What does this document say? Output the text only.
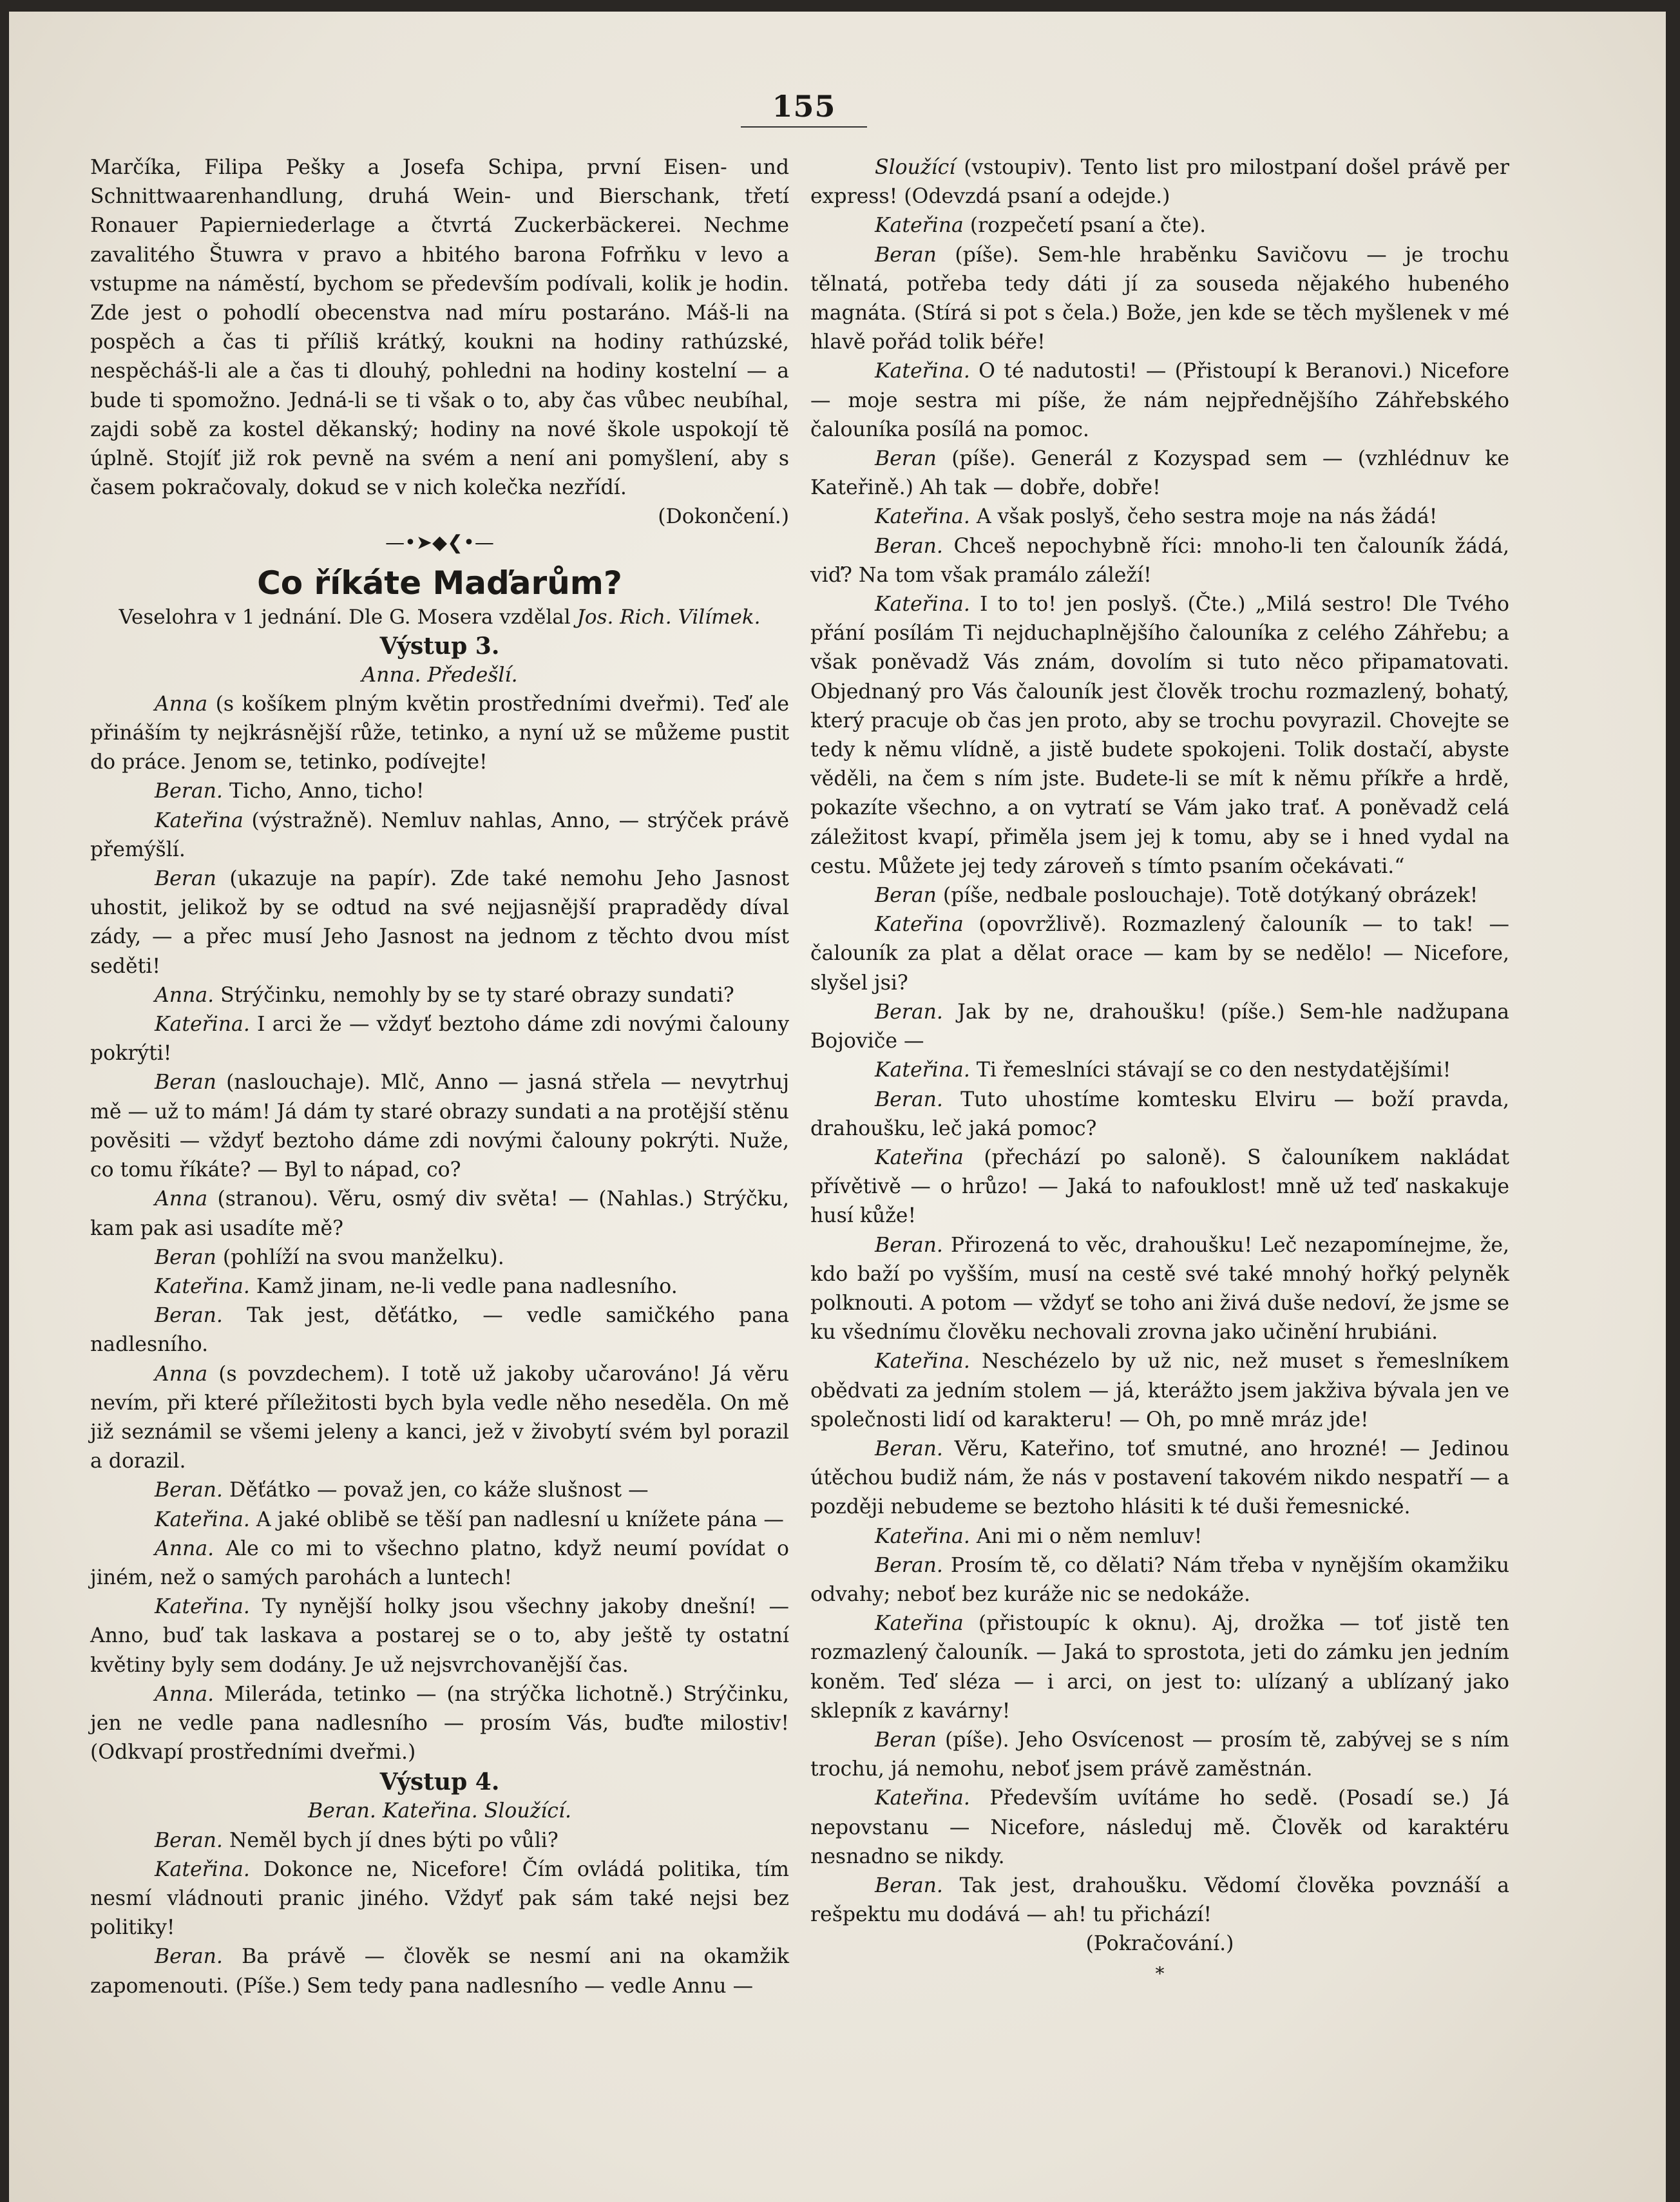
155

Marčíka, Filipa Pešky a Josefa Schipa, první Eisen- und Schnittwaarenhandlung, druhá Wein- und Bierschank, třetí Ronauer Papierniederlage a čtvrtá Zuckerbäckerei. Nechme zavalitého Štuwra v pravo a hbitého barona Fofrňku v levo a vstupme na náměstí, bychom se především podívali, kolik je hodin. Zde jest o pohodlí obecenstva nad míru postaráno. Máš-li na pospěch a čas ti příliš krátký, koukni na hodiny rathúzské, nespěcháš-li ale a čas ti dlouhý, pohledni na hodiny kostelní — a bude ti spomožno. Jedná-li se ti však o to, aby čas vůbec neubíhal, zajdi sobě za kostel děkanský; hodiny na nové škole uspokojí tě úplně. Stojíť již rok pevně na svém a není ani pomyšlení, aby s časem pokračovaly, dokud se v nich kolečka nezřídí.

(Dokončení.)

—•➤◆❮•—
Co říkáte Maďarům?
Veselohra v 1 jednání. Dle G. Mosera vzdělal Jos. Rich. Vilímek.
Výstup 3.
Anna. Předešlí.

Anna (s košíkem plným květin prostředními dveřmi). Teď ale přináším ty nejkrásnější růže, tetinko, a nyní už se můžeme pustit do práce. Jenom se, tetinko, podívejte!

Beran. Ticho, Anno, ticho!

Kateřina (výstražně). Nemluv nahlas, Anno, — strýček právě přemýšlí.

Beran (ukazuje na papír). Zde také nemohu Jeho Jasnost uhostit, jelikož by se odtud na své nejjasnější prapradědy díval zády, — a přec musí Jeho Jasnost na jednom z těchto dvou míst seděti!

Anna. Strýčinku, nemohly by se ty staré obrazy sundati?

Kateřina. I arci že — vždyť beztoho dáme zdi novými čalouny pokrýti!

Beran (naslouchaje). Mlč, Anno — jasná střela — nevytrhuj mě — už to mám! Já dám ty staré obrazy sundati a na protější stěnu pověsiti — vždyť beztoho dáme zdi novými čalouny pokrýti. Nuže, co tomu říkáte? — Byl to nápad, co?

Anna (stranou). Věru, osmý div světa! — (Nahlas.) Strýčku, kam pak asi usadíte mě?

Beran (pohlíží na svou manželku).

Kateřina. Kamž jinam, ne-li vedle pana nadlesního.

Beran. Tak jest, děťátko, — vedle samičkého pana nadlesního.

Anna (s povzdechem). I totě už jakoby učarováno! Já věru nevím, při které příležitosti bych byla vedle něho neseděla. On mě již seznámil se všemi jeleny a kanci, jež v živobytí svém byl porazil a dorazil.

Beran. Děťátko — považ jen, co káže slušnost —

Kateřina. A jaké oblibě se těší pan nadlesní u knížete pána —

Anna. Ale co mi to všechno platno, když neumí povídat o jiném, než o samých parohách a luntech!

Kateřina. Ty nynější holky jsou všechny jakoby dnešní! — Anno, buď tak laskava a postarej se o to, aby ještě ty ostatní květiny byly sem dodány. Je už nejsvrchovanější čas.

Anna. Mileráda, tetinko — (na strýčka lichotně.) Strýčinku, jen ne vedle pana nadlesního — prosím Vás, buďte milostiv! (Odkvapí prostředními dveřmi.)

Výstup 4.
Beran. Kateřina. Sloužící.

Beran. Neměl bych jí dnes býti po vůli?

Kateřina. Dokonce ne, Nicefore! Čím ovládá politika, tím nesmí vládnouti pranic jiného. Vždyť pak sám také nejsi bez politiky!

Beran. Ba právě — člověk se nesmí ani na okamžik zapomenouti. (Píše.) Sem tedy pana nadlesního — vedle Annu —

Sloužící (vstoupiv). Tento list pro milostpaní došel právě per express! (Odevzdá psaní a odejde.)

Kateřina (rozpečetí psaní a čte).

Beran (píše). Sem-hle hraběnku Savičovu — je trochu tělnatá, potřeba tedy dáti jí za souseda nějakého hubeného magnáta. (Stírá si pot s čela.) Bože, jen kde se těch myšlenek v mé hlavě pořád tolik béře!

Kateřina. O té nadutosti! — (Přistoupí k Beranovi.) Nicefore — moje sestra mi píše, že nám nejpřednějšího Záhřebského čalouníka posílá na pomoc.

Beran (píše). Generál z Kozyspad sem — (vzhlédnuv ke Kateřině.) Ah tak — dobře, dobře!

Kateřina. A však poslyš, čeho sestra moje na nás žádá!

Beran. Chceš nepochybně říci: mnoho-li ten čalouník žádá, viď? Na tom však pramálo záleží!

Kateřina. I to to! jen poslyš. (Čte.) „Milá sestro! Dle Tvého přání posílám Ti nejduchaplnějšího čalouníka z celého Záhřebu; a však poněvadž Vás znám, dovolím si tuto něco připamatovati. Objednaný pro Vás čalouník jest člověk trochu rozmazlený, bohatý, který pracuje ob čas jen proto, aby se trochu povyrazil. Chovejte se tedy k němu vlídně, a jistě budete spokojeni. Tolik dostačí, abyste věděli, na čem s ním jste. Budete-li se mít k němu příkře a hrdě, pokazíte všechno, a on vytratí se Vám jako trať. A poněvadž celá záležitost kvapí, přiměla jsem jej k tomu, aby se i hned vydal na cestu. Můžete jej tedy zároveň s tímto psaním očekávati.“

Beran (píše, nedbale poslouchaje). Totě dotýkaný obrázek!

Kateřina (opovržlivě). Rozmazlený čalouník — to tak! — čalouník za plat a dělat orace — kam by se nedělo! — Nicefore, slyšel jsi?

Beran. Jak by ne, drahoušku! (píše.) Sem-hle nadžupana Bojoviče —

Kateřina. Ti řemeslníci stávají se co den nestydatějšími!

Beran. Tuto uhostíme komtesku Elviru — boží pravda, drahoušku, leč jaká pomoc?

Kateřina (přechází po saloně). S čalouníkem nakládat přívětivě — o hrůzo! — Jaká to nafouklost! mně už teď naskakuje husí kůže!

Beran. Přirozená to věc, drahoušku! Leč nezapomínejme, že, kdo baží po vyšším, musí na cestě své také mnohý hořký pelyněk polknouti. A potom — vždyť se toho ani živá duše nedoví, že jsme se ku všednímu člověku nechovali zrovna jako učinění hrubiáni.

Kateřina. Neschézelo by už nic, než muset s řemeslníkem obědvati za jedním stolem — já, kterážto jsem jakživa bývala jen ve společnosti lidí od karakteru! — Oh, po mně mráz jde!

Beran. Věru, Kateřino, toť smutné, ano hrozné! — Jedinou útěchou budiž nám, že nás v postavení takovém nikdo nespatří — a později nebudeme se beztoho hlásiti k té duši řemesnické.

Kateřina. Ani mi o něm nemluv!

Beran. Prosím tě, co dělati? Nám třeba v nynějším okamžiku odvahy; neboť bez kuráže nic se nedokáže.

Kateřina (přistoupíc k oknu). Aj, drožka — toť jistě ten rozmazlený čalouník. — Jaká to sprostota, jeti do zámku jen jedním koněm. Teď sléza — i arci, on jest to: ulízaný a ublízaný jako sklepník z kavárny!

Beran (píše). Jeho Osvícenost — prosím tě, zabývej se s ním trochu, já nemohu, neboť jsem právě zaměstnán.

Kateřina. Především uvítáme ho sedě. (Posadí se.) Já nepovstanu — Nicefore, následuj mě. Člověk od karaktéru nesnadno se nikdy.

Beran. Tak jest, drahoušku. Vědomí člověka povznáší a rešpektu mu dodává — ah! tu přichází!

(Pokračování.)

*
